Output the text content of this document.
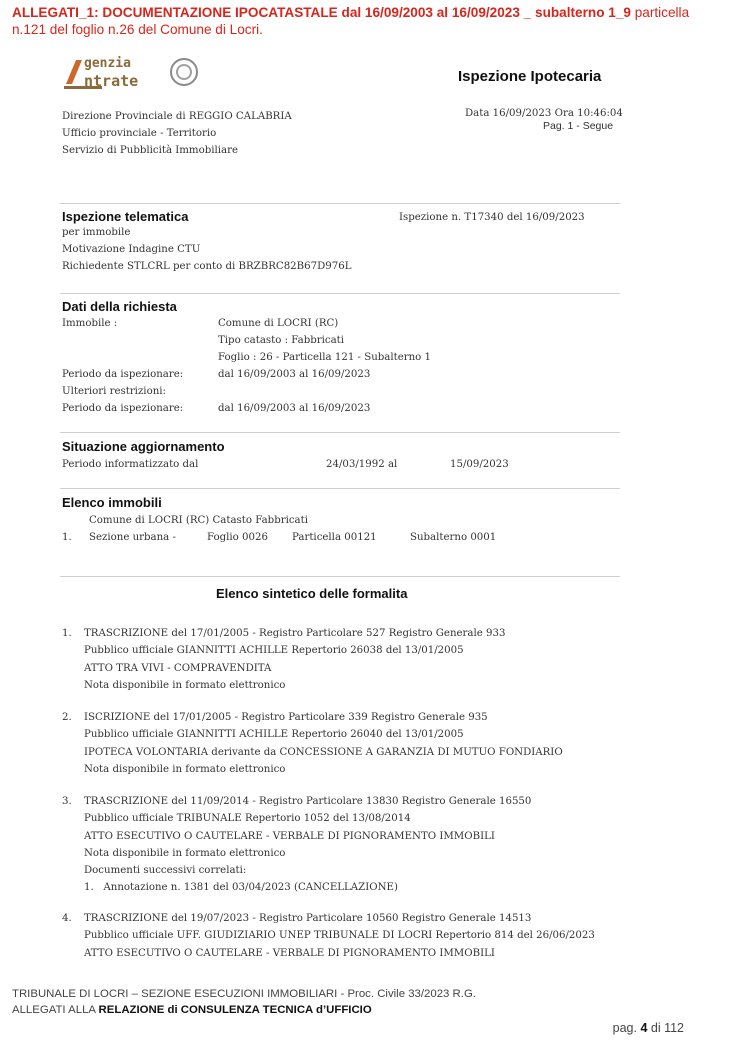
ALLEGATI_1: DOCUMENTAZIONE IPOCATASTALE dal 16/09/2003 al 16/09/2023 _ subalterno 1_9 particella n.121 del foglio n.26 del Comune di Locri.
genzia
ntrate	Ispezione Ipotecaria
Direzione Provinciale di REGGIO CALABRIA
Ufficio provinciale - Territorio
Servizio di Pubblicità Immobiliare
Data 16/09/2023 Ora 10:46:04
Pag. 1 - Segue
Ispezione telematica	Ispezione n. T17340 del 16/09/2023
per immobile
Motivazione Indagine CTU
Richiedente STLCRL per conto di BRZBRC82B67D976L
Dati della richiesta
Immobile :	Comune di LOCRI (RC)
Tipo catasto : Fabbricati
Foglio : 26 - Particella 121 - Subalterno 1
Periodo da ispezionare:	dal 16/09/2003 al 16/09/2023
Ulteriori restrizioni:
Periodo da ispezionare:	dal 16/09/2003 al 16/09/2023
Situazione aggiornamento
Periodo informatizzato dal	24/03/1992 al	15/09/2023
Elenco immobili
Comune di LOCRI (RC) Catasto Fabbricati
1. Sezione urbana -	Foglio 0026 Particella 00121	Subalterno 0001
Elenco sintetico delle formalita
1. TRASCRIZIONE del 17/01/2005 - Registro Particolare 527 Registro Generale 933
Pubblico ufficiale GIANNITTI ACHILLE Repertorio 26038 del 13/01/2005
ATTO TRA VIVI - COMPRAVENDITA
Nota disponibile in formato elettronico
2. ISCRIZIONE del 17/01/2005 - Registro Particolare 339 Registro Generale 935
Pubblico ufficiale GIANNITTI ACHILLE Repertorio 26040 del 13/01/2005
IPOTECA VOLONTARIA derivante da CONCESSIONE A GARANZIA DI MUTUO FONDIARIO
Nota disponibile in formato elettronico
3. TRASCRIZIONE del 11/09/2014 - Registro Particolare 13830 Registro Generale 16550
Pubblico ufficiale TRIBUNALE Repertorio 1052 del 13/08/2014
ATTO ESECUTIVO O CAUTELARE - VERBALE DI PIGNORAMENTO IMMOBILI
Nota disponibile in formato elettronico
Documenti successivi correlati:
1.   Annotazione n. 1381 del 03/04/2023 (CANCELLAZIONE)
4. TRASCRIZIONE del 19/07/2023 - Registro Particolare 10560 Registro Generale 14513
Pubblico ufficiale UFF. GIUDIZIARIO UNEP TRIBUNALE DI LOCRI Repertorio 814 del 26/06/2023
ATTO ESECUTIVO O CAUTELARE - VERBALE DI PIGNORAMENTO IMMOBILI
TRIBUNALE DI LOCRI – SEZIONE ESECUZIONI IMMOBILIARI - Proc. Civile 33/2023 R.G.
ALLEGATI ALLA RELAZIONE di CONSULENZA TECNICA d’UFFICIO
pag. 4 di 112
